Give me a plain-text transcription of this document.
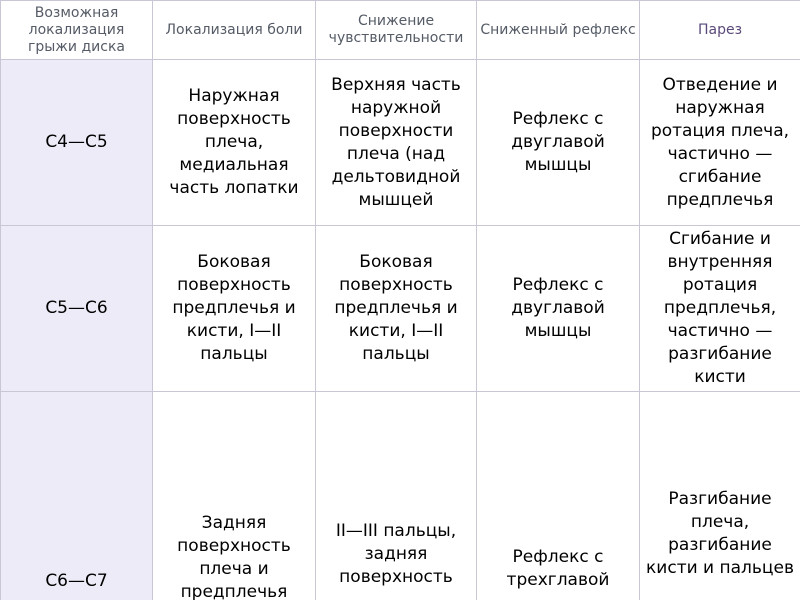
Возможная локализация грыжи диска	Локализация боли	Снижение чувствительности	Сниженный рефлекс	Парез
C4—C5	Наружная поверхность плеча, медиальная часть лопатки	Верхняя часть наружной поверхности плеча (над дельтовидной мышцей	Рефлекс с двуглавой мышцы	Отведение и наружная ротация плеча, частично — сгибание предплечья
C5—C6	Боковая поверхность предплечья и кисти, I—II пальцы	Боковая поверхность предплечья и кисти, I—II пальцы	Рефлекс с двуглавой мышцы	Сгибание и внутренняя ротация предплечья, частично — разгибание кисти

C6—C7	Задняя поверхность плеча и предплечья	II—III пальцы, задняя поверхность	Рефлекс с трехглавой	Разгибание плеча, разгибание кисти и пальцев
